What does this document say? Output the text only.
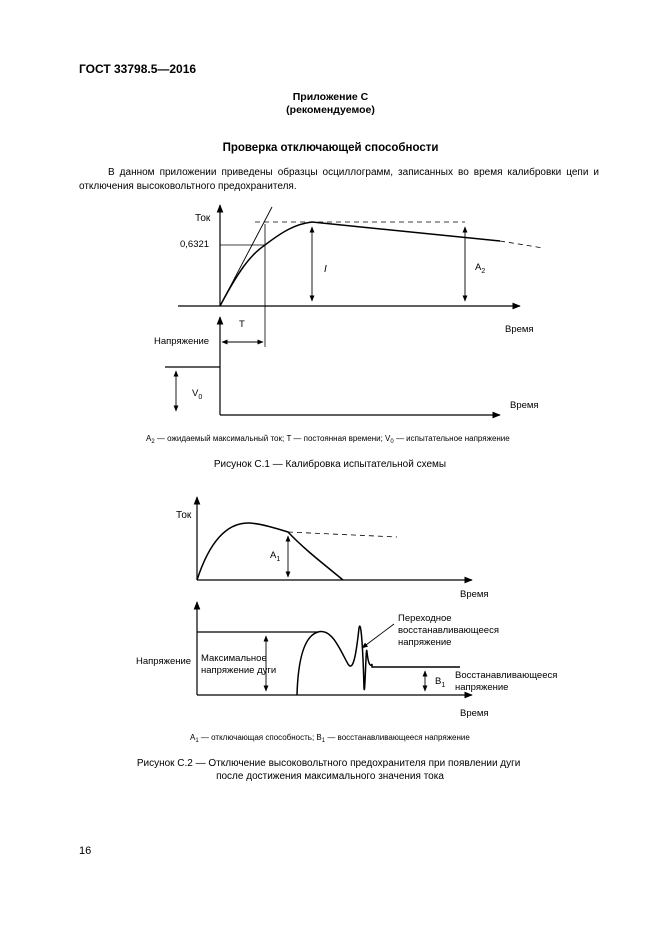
ГОСТ 33798.5—2016
Приложение С
(рекомендуемое)
Проверка отключающей способности
В данном приложении приведены образцы осциллограмм, записанных во время калибровки цепи и отключения высоковольтного предохранителя.
Ток
0,6321
I	$A_2$
Время
T
Напряжение
$V_0$
Время
$A_2$ — ожидаемый максимальный ток; T — постоянная времени; $V_0$ — испытательное напряжение
Рисунок С.1 — Калибровка испытательной схемы
Ток
$A_1$
Время
Напряжение Максимальное напряжение дуги
Переходное восстанавливающееся напряжение
$B_1$
Восстанавливающееся напряжение
Время
$A_1$ — отключающая способность; $B_1$ — восстанавливающееся напряжение
Рисунок С.2 — Отключение высоковольтного предохранителя при появлении дуги после достижения максимального значения тока
16
